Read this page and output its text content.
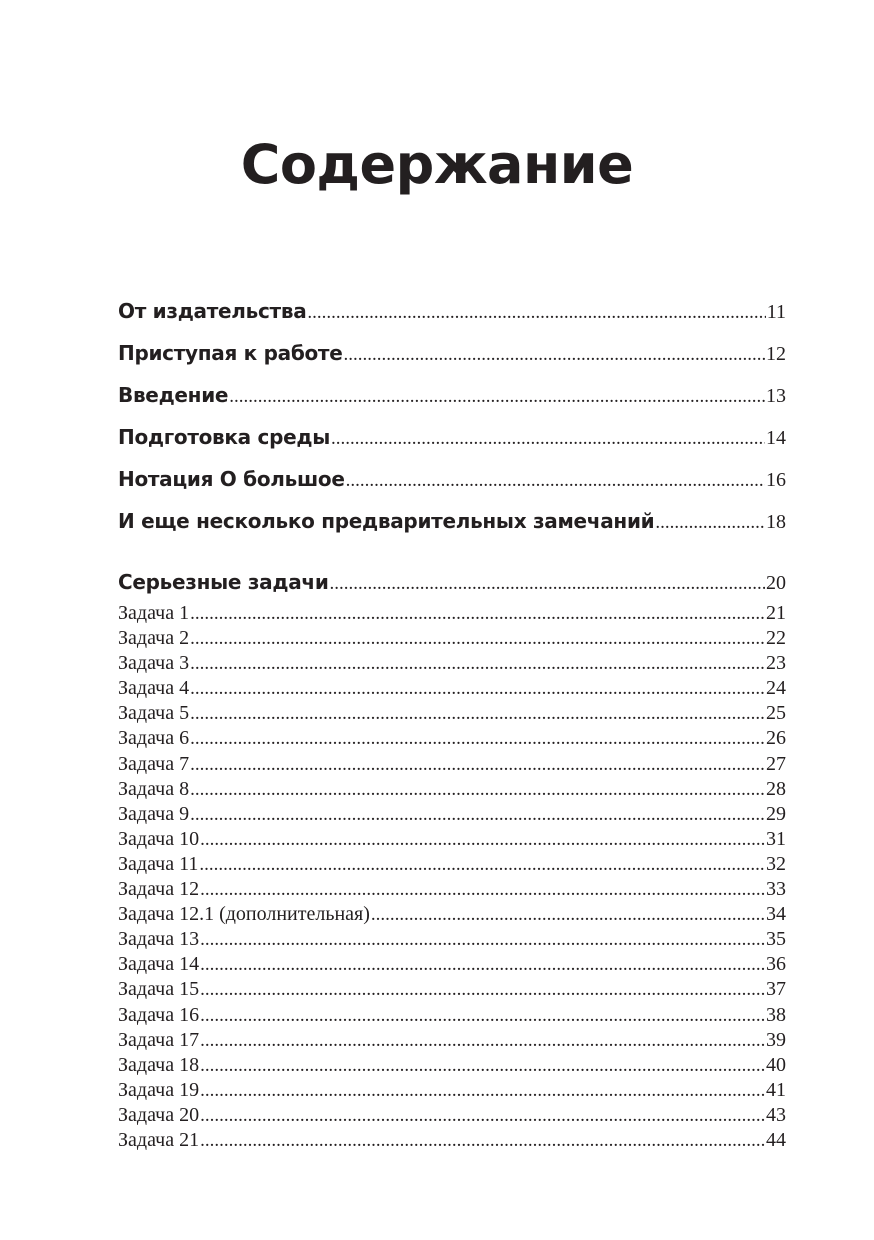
Содержание
От издательства .....	11
Приступая к работе .....	12
Введение .....	13
Подготовка среды .....	14
Нотация О большое .....	16
И еще несколько предварительных замечаний .....	18
Серьезные задачи .....	20
Задача 1 .....	21
Задача 2 .....	22
Задача 3 .....	23
Задача 4 .....	24
Задача 5 .....	25
Задача 6 .....	26
Задача 7 .....	27
Задача 8 .....	28
Задача 9 .....	29
Задача 10 .....	31
Задача 11 .....	32
Задача 12 .....	33
Задача 12.1 (дополнительная) .....	34
Задача 13 .....	35
Задача 14 .....	36
Задача 15 .....	37
Задача 16 .....	38
Задача 17 .....	39
Задача 18 .....	40
Задача 19 .....	41
Задача 20 .....	43
Задача 21 .....	44
